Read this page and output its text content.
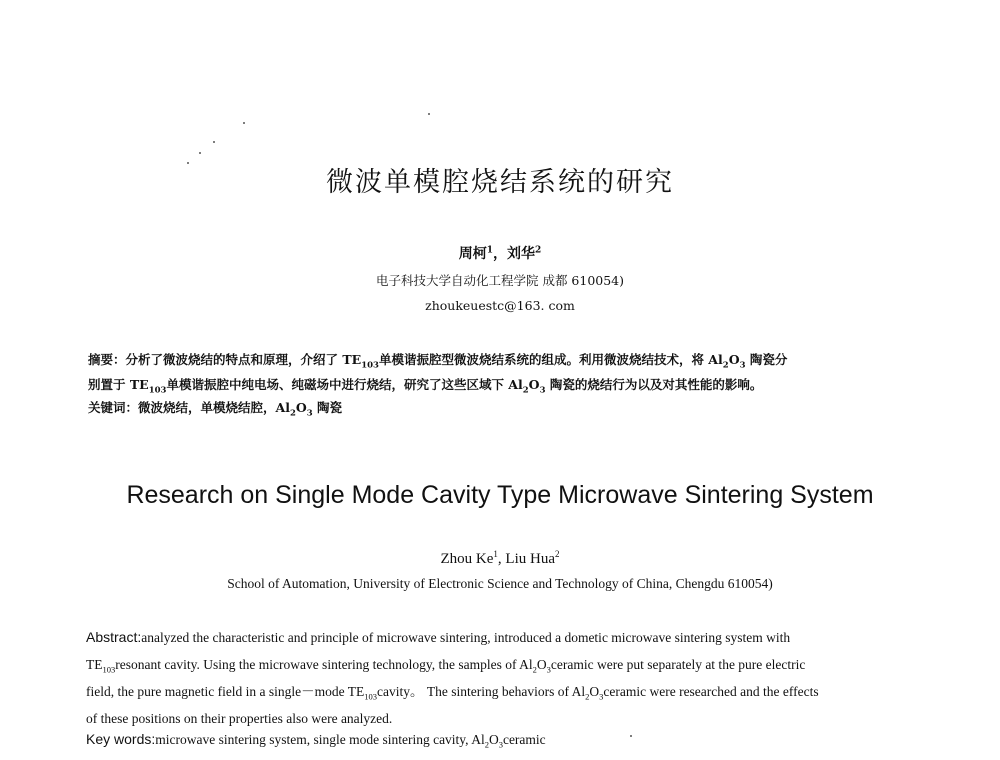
微波单模腔烧结系统的研究
周柯$^1$，刘华$^2$
电子科技大学自动化工程学院 成都 610054)
zhoukeuestc@163. com
摘要：分析了微波烧结的特点和原理，介绍了 $TE_{103}$单模谐振腔型微波烧结系统的组成。利用微波烧结技术，将 $Al_2O_3$ 陶瓷分
别置于 $TE_{103}$单模谐振腔中纯电场、纯磁场中进行烧结，研究了这些区域下 $Al_2O_3$ 陶瓷的烧结行为以及对其性能的影响。
关键词：微波烧结，单模烧结腔，$Al_2O_3$ 陶瓷
Research on Single Mode Cavity Type Microwave Sintering System
Zhou Ke$^1$, Liu Hua$^2$
School of Automation, University of Electronic Science and Technology of China, Chengdu 610054)
Abstract:analyzed the characteristic and principle of microwave sintering, introduced a dometic microwave sintering system with
$TE_{103}resonant$ cavity. Using the microwave sintering technology, the samples of $Al_2O_3ceramic$ were put separately at the pure electric
field, the pure magnetic field in a single－mode $TE_{103}cavity$。 The sintering behaviors of $Al_2O_3ceramic$ were researched and the effects
of these positions on their properties also were analyzed.
Key words:microwave sintering system, single mode sintering cavity, $Al_2O_3ceramic$
